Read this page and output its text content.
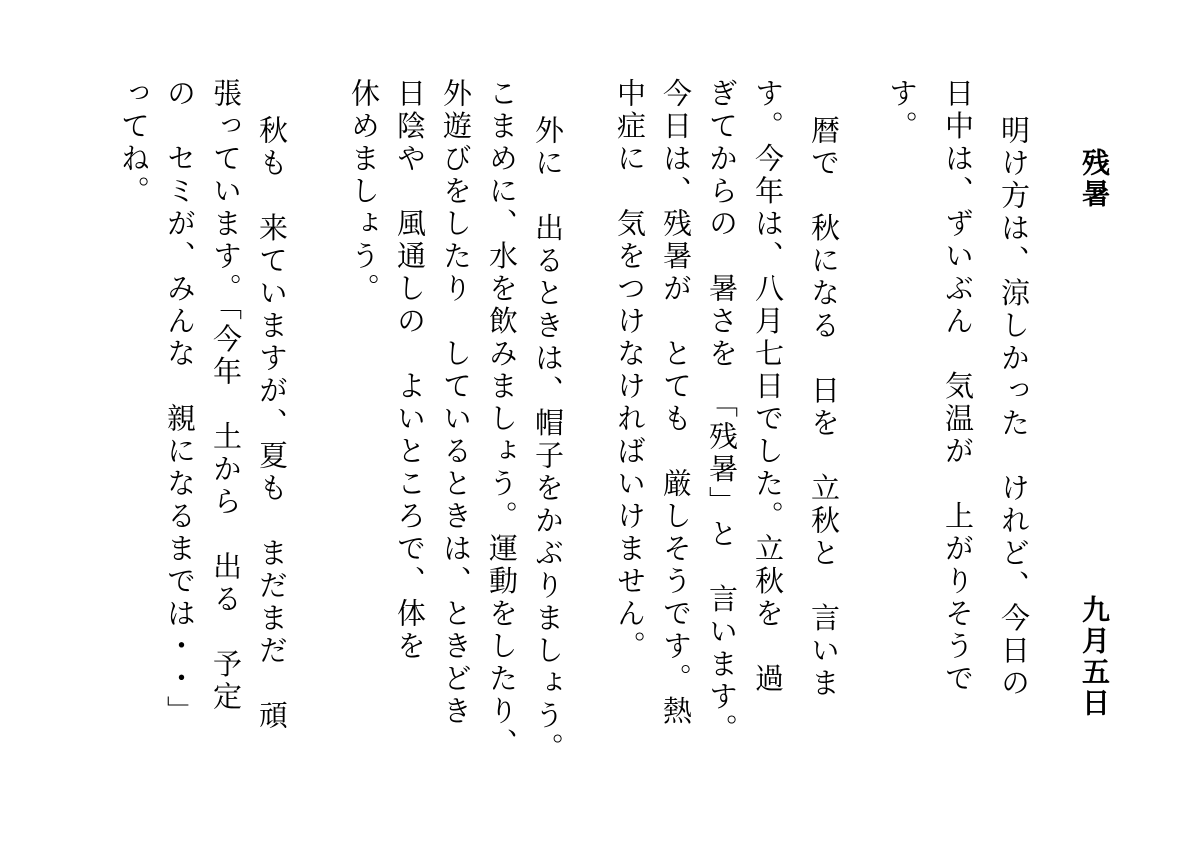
残暑
九月五日
明け方は、涼しかった　けれど、今日の
日中は、ずいぶん　気温が　上がりそうで
す。
暦で　秋になる　日を　立秋と　言いま
す。今年は、八月七日でした。立秋を　過
ぎてからの　暑さを　「残暑」と　言います。
今日は、残暑が　とても　厳しそうです。熱
中症に　気をつけなければいけません。
外に　出るときは、帽子をかぶりましょう。
こまめに、水を飲みましょう。運動をしたり、
外遊びをしたり　しているときは、ときどき
日陰や　風通しの　よいところで、体を
休めましょう。
秋も　来ていますが、夏も　まだまだ　頑
張っています。「今年　土から　出る　予定
の　セミが、みんな　親になるまでは・・」
ってね。
